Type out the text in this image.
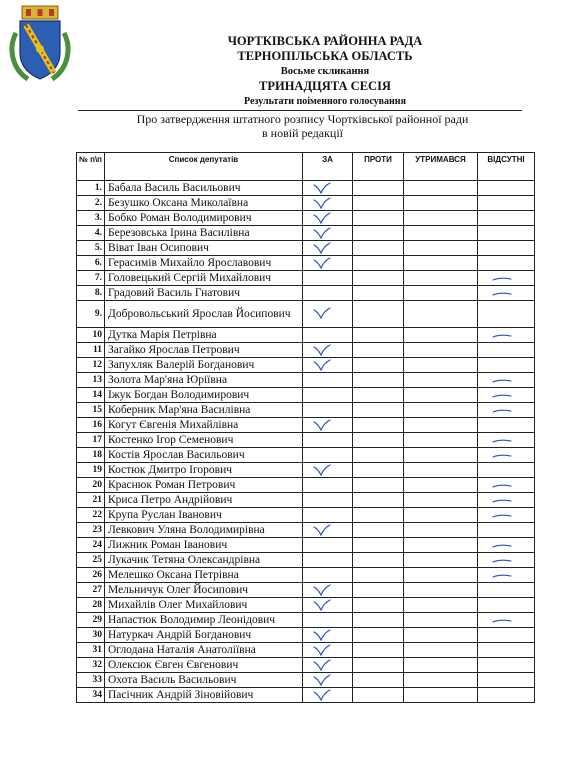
ЧОРТКІВСЬКА РАЙОННА РАДА
ТЕРНОПІЛЬСЬКА ОБЛАСТЬ
Восьме скликання
ТРИНАДЦЯТА СЕСІЯ
Результати поіменного голосування
Про затвердження штатного розпису Чортківської районної ради
в новій редакції
№ п\п	Список депутатів	ЗА	ПРОТИ	УТРИМАВСЯ	ВІДСУТНІ
1.	Бабала Василь Васильович	

2.	Безушко Оксана Миколаївна	

3.	Бобко Роман Володимирович	

4.	Березовська Ірина Василівна	

5.	Віват Іван Осипович	

6.	Герасимів Михайло Ярославович	

7.	Головецький Сергій Михайлович				

8.	Градовий Василь Гнатович				

9.	Добровольський Ярослав Йосипович	

10	Дутка Марія Петрівна				

11	Загайко Ярослав Петрович	

12	Запухляк Валерій Богданович	

13	Золота Мар'яна Юріївна				

14	Іжук Богдан Володимирович				

15	Коберник Мар'яна Василівна				

16	Когут Євгенія Михайлівна	

17	Костенко Ігор Семенович				

18	Костів Ярослав Васильович				

19	Костюк Дмитро Ігорович	

20	Краснюк Роман Петрович				

21	Криса Петро Андрійович				

22	Крупа Руслан Іванович				

23	Левкович Уляна Володимирівна	

24	Лижник Роман Іванович				

25	Лукачик Тетяна Олександрівна				

26	Мелешко Оксана Петрівна				

27	Мельничук Олег Йосипович	

28	Михайлів Олег Михайлович	

29	Напастюк Володимир Леонідович				

30	Натуркач Андрій Богданович	

31	Оглодана Наталія Анатоліївна	

32	Олексюк Євген Євгенович	

33	Охота Василь Васильович	

34	Пасічник Андрій Зіновійович	
